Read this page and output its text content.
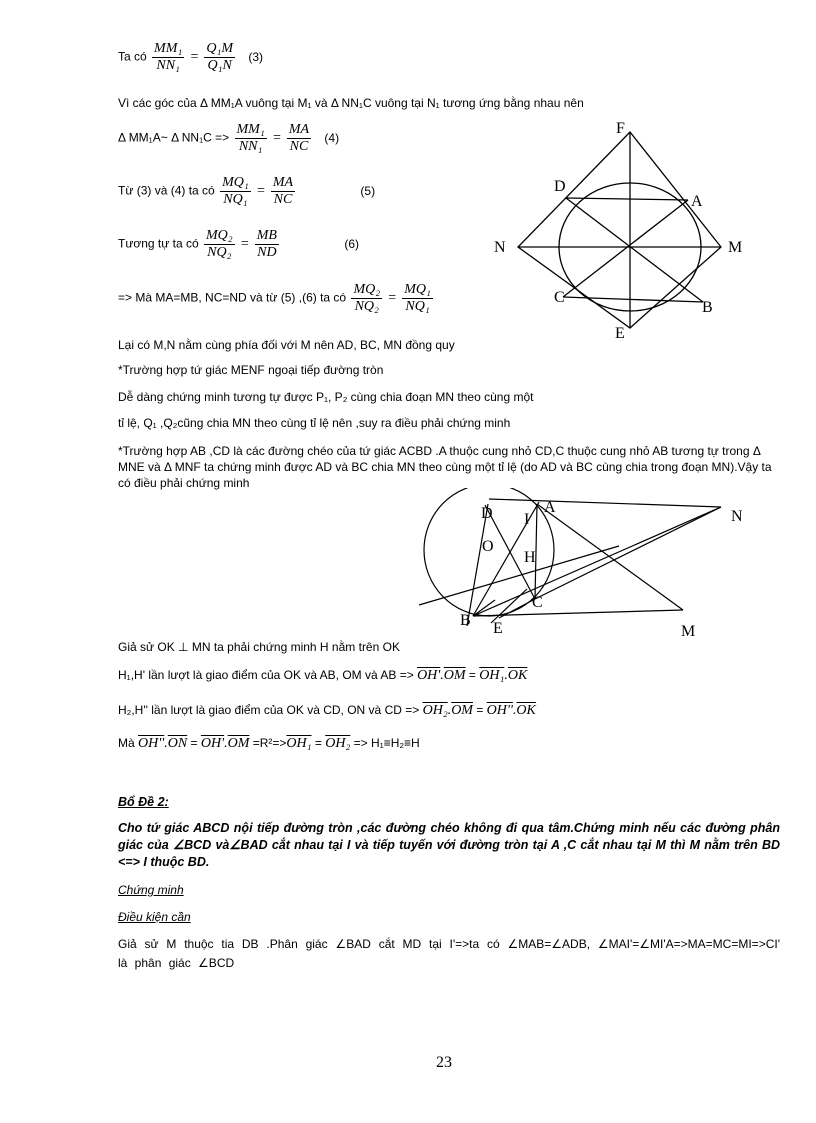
Ta có $\frac{\text{MM₁}}{\text{NN₁}} = \frac{\text{Q₁M}}{\text{Q₁N}} (3)$
Vì các góc của Δ MM₁A vuông tại M₁ và Δ NN₁C vuông tại N₁ tương ứng bằng nhau nên
Δ MM₁A~ Δ $NN_1C => \frac{\text{MM₁}}{\text{NN₁}} = \frac{MA}{NC} (4)$
Từ (3) và (4) ta có $\frac{\text{MQ₁}}{\text{NQ₁}} = \frac{MA}{NC}$	(5)
Tương tự ta có $\frac{\text{MQ₂}}{\text{NQ₂}} = \frac{MB}{ND}$	(6)
=> Mà MA=MB, NC=ND và từ (5) ,(6) ta có $\frac{\text{MQ₂}}{\text{NQ₂}} = \frac{\text{MQ₁}}{\text{NQ₁}}$
Lại có M,N nằm cùng phía đối với M nên AD, BC, MN đồng quy
*Trường hợp tứ giác MENF ngoại tiếp đường tròn
Dễ dàng chứng minh tương tự được P₁, P₂ cùng chia đoạn MN theo cùng một
tỉ lệ, Q₁ ,Q₂cũng chia MN theo cùng tỉ lệ nên ,suy ra điều phải chứng minh
*Trường hợp AB ,CD là các đường chéo của tứ giác ACBD .A thuộc cung nhỏ CD,C thuộc cung nhỏ AB tương tự trong Δ MNE và Δ MNF ta chứng minh được AD và BC chia MN theo cùng một tỉ lệ (do AD và BC cùng chia trong đoạn MN).Vậy ta có điều phải chứng minh
F
D
A
N	M
C
B
E
D I
A
N
O
H
C
B E	M
Giả sử OK ⊥ MN ta phải chứng minh H nằm trên OK
H₁,H' lần lượt là giao điểm của OK và AB, OM và AB => $OH'.\overline{OM} = OH_1.\overline{OK}$
H₂,H'' lần lượt là giao điểm của OK và CD, ON và CD => $OH_2.\overline{OM} = OH''.\overline{OK}$
Mà $OH''.\overline{ON} = OH'.\overline{OM} =R^2=>OH_1 = OH_2 => H_1\equiv H_2\equiv H$
Bổ Đề 2:
Cho tứ giác ABCD nội tiếp đường tròn ,các đường chéo không đi qua tâm.Chứng minh nếu các đường phân giác của ∠BCD và∠BAD cắt nhau tại I và tiếp tuyến với đường tròn tại A ,C cắt nhau tại M thì M nằm trên BD <=> I thuộc BD.
Chứng minh
Điều kiện cần
Giả sử M thuộc tia DB .Phân giác ∠BAD cắt MD tại I'=>ta có ∠MAB=∠ADB, ∠MAI'=∠MI'A=>MA=MC=MI=>CI' là phân giác ∠BCD
23
